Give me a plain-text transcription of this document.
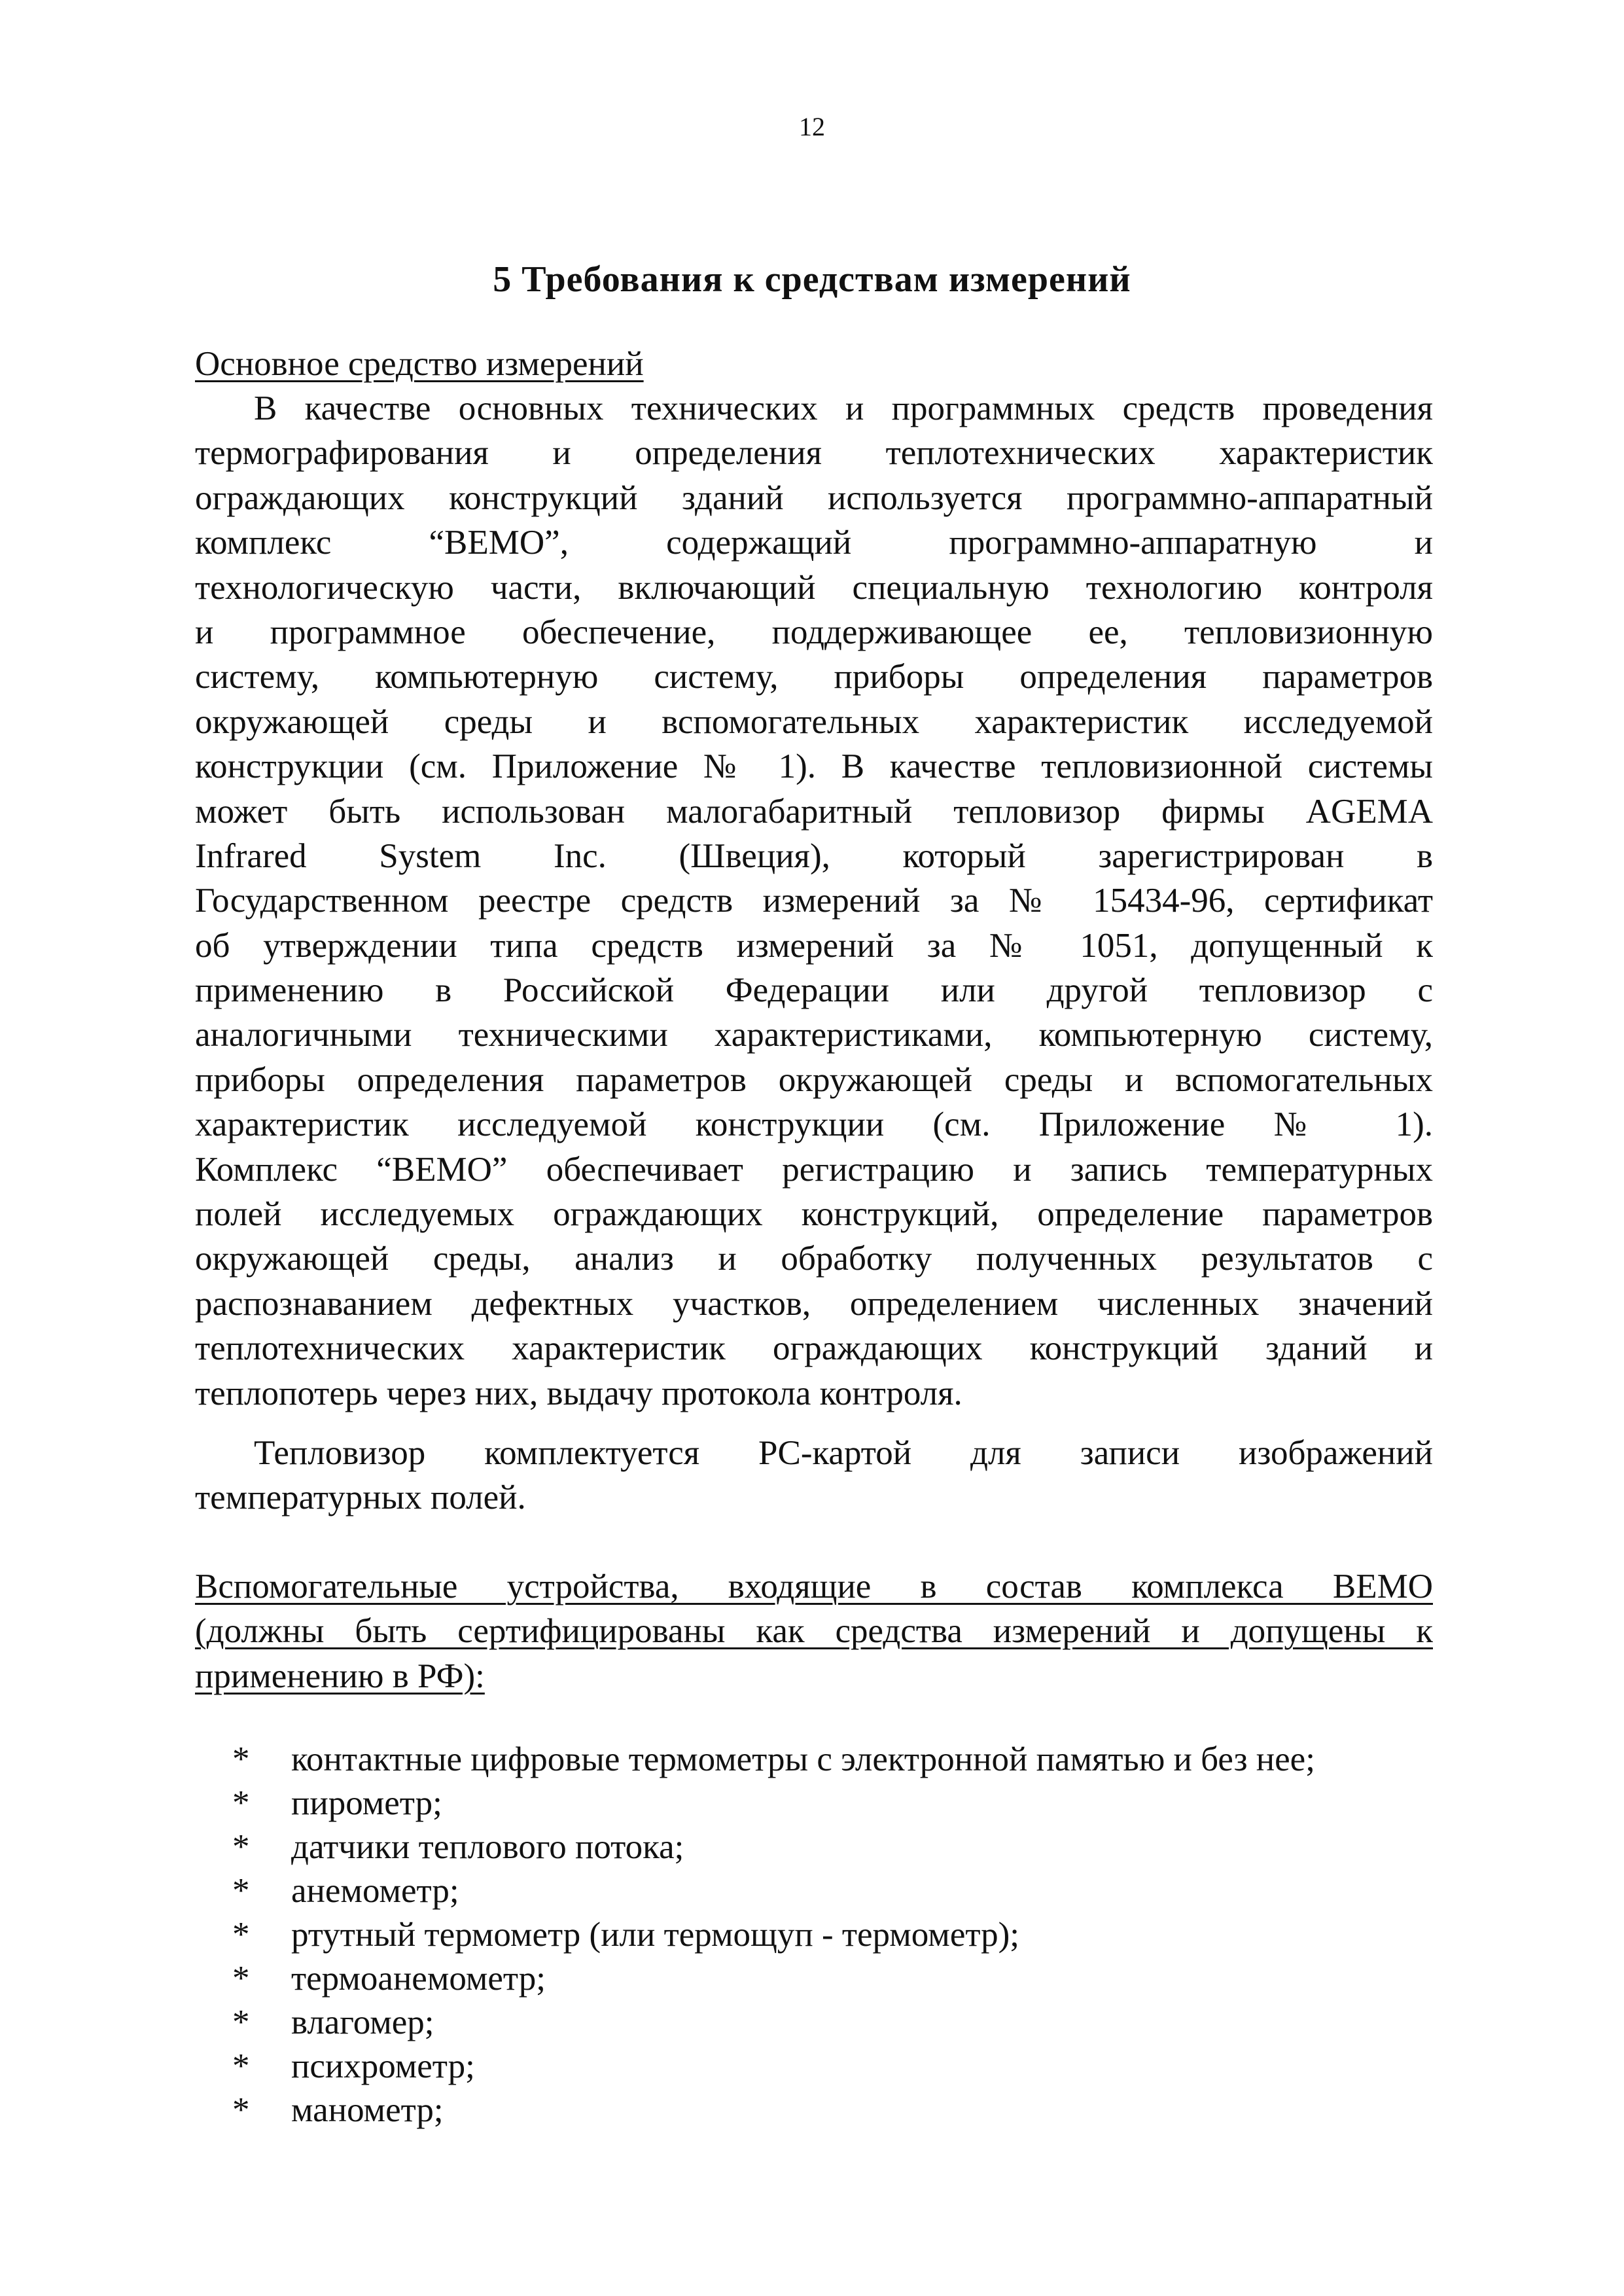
12
5 Требования к средствам измерений
Основное средство измерений
В качестве основных технических и программных средств проведения
термографирования и определения теплотехнических характеристик
ограждающих конструкций зданий используется программно-аппаратный
комплекс “ВЕМО”, содержащий программно-аппаратную и
технологическую части, включающий специальную технологию контроля
и программное обеспечение, поддерживающее ее, тепловизионную
систему, компьютерную систему, приборы определения параметров
окружающей среды и вспомогательных характеристик исследуемой
конструкции (см. Приложение № 1). В качестве тепловизионной системы
может быть использован малогабаритный тепловизор фирмы AGEMA
Infrared System Inc. (Швеция), который зарегистрирован в
Государственном реестре средств измерений за № 15434-96, сертификат
об утверждении типа средств измерений за № 1051, допущенный к
применению в Российской Федерации или другой тепловизор с
аналогичными техническими характеристиками, компьютерную систему,
приборы определения параметров окружающей среды и вспомогательных
характеристик исследуемой конструкции (см. Приложение № 1).
Комплекс “ВЕМО” обеспечивает регистрацию и запись температурных
полей исследуемых ограждающих конструкций, определение параметров
окружающей среды, анализ и обработку полученных результатов с
распознаванием дефектных участков, определением численных значений
теплотехнических характеристик ограждающих конструкций зданий и
теплопотерь через них, выдачу протокола контроля.
Тепловизор комплектуется PC-картой для записи изображений
температурных полей.
Вспомогательные устройства, входящие в состав комплекса ВЕМО
(должны быть сертифицированы как средства измерений и допущены к
применению в РФ):
* контактные цифровые термометры с электронной памятью и без нее;
* пирометр;
* датчики теплового потока;
* анемометр;
* ртутный термометр (или термощуп - термометр);
* термоанемометр;
* влагомер;
* психрометр;
* манометр;
